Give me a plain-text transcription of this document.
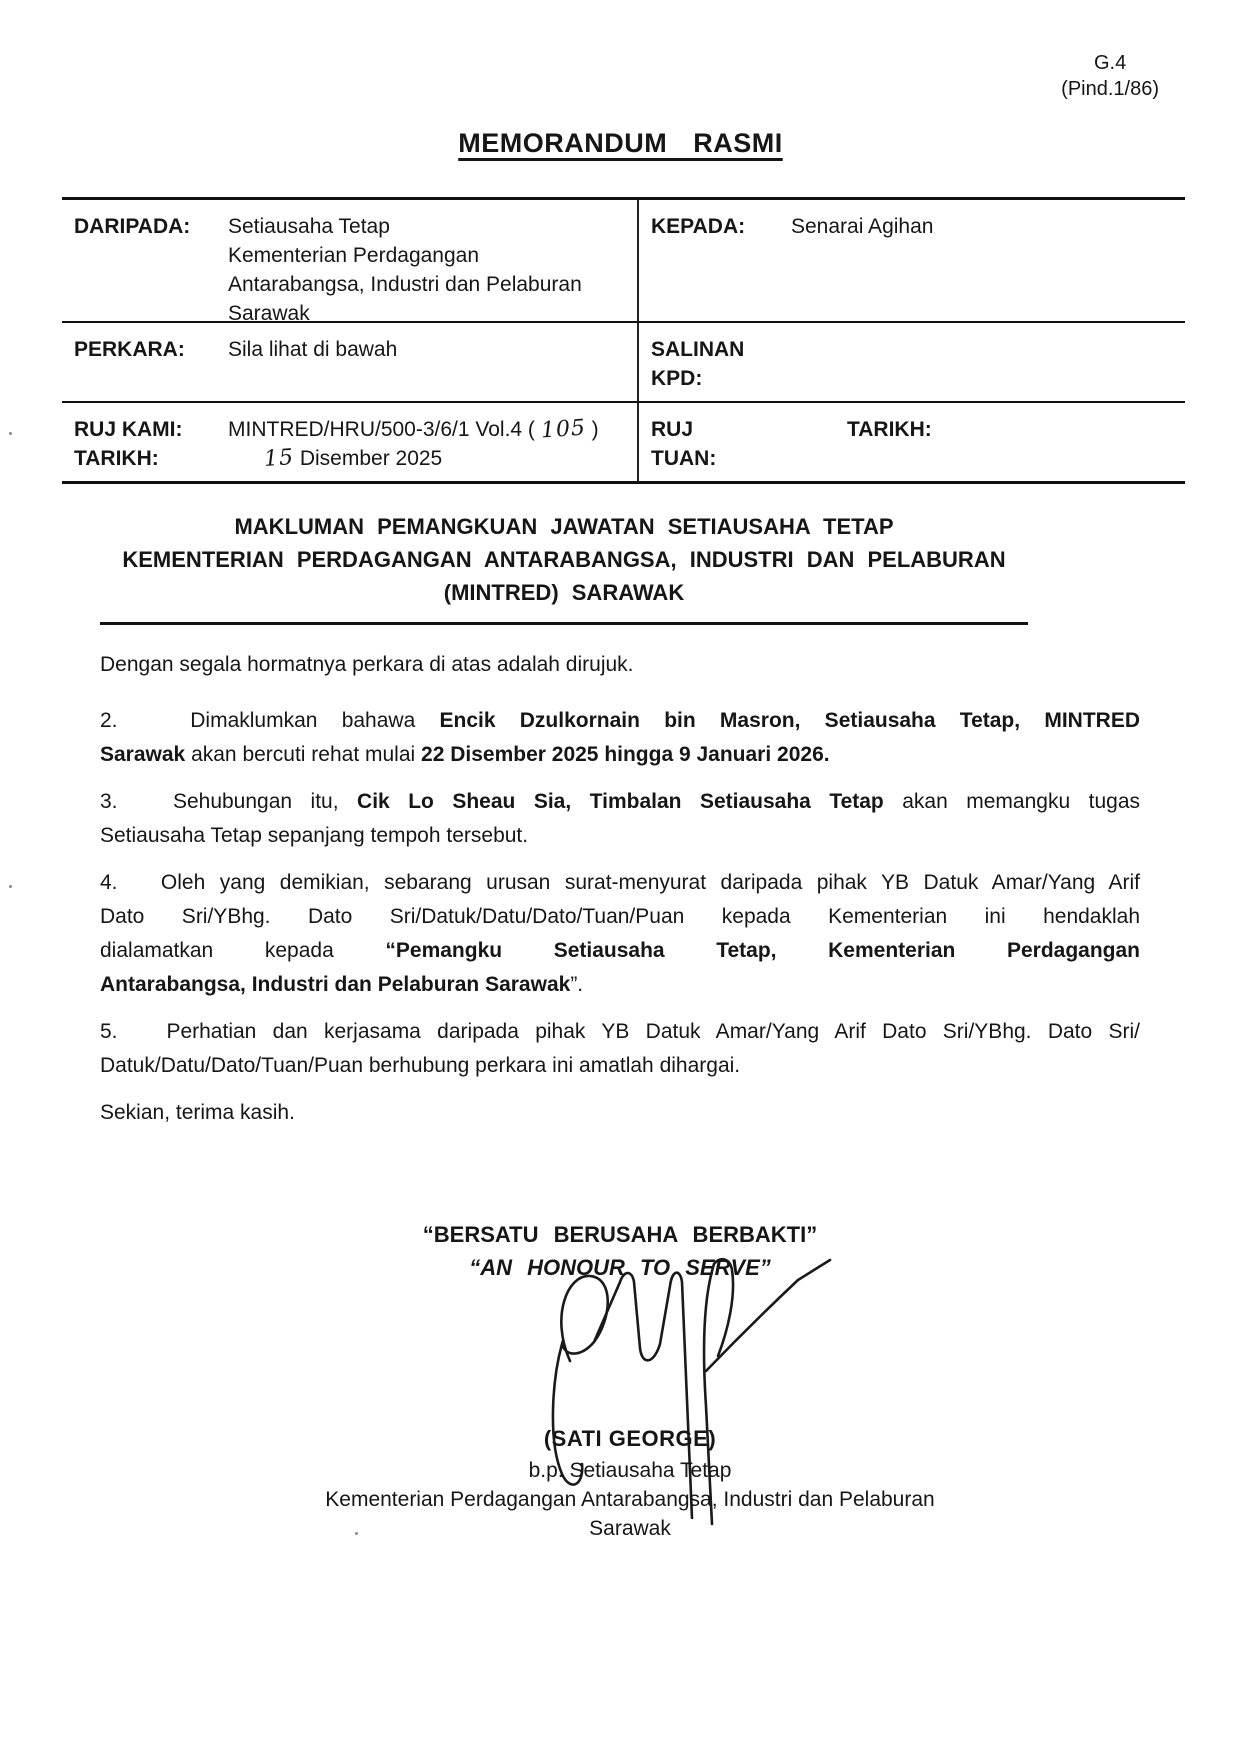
G.4
(Pind.1/86)
MEMORANDUM RASMI
DARIPADA:	Setiausaha Tetap
Kementerian Perdagangan
Antarabangsa, Industri dan Pelaburan
Sarawak
KEPADA:	Senarai Agihan
PERKARA:	Sila lihat di bawah	SALINAN
KPD:
RUJ KAMI:	MINTRED/HRU/500-3/6/1 Vol.4 ( 105 )
TARIKH:	15 Disember 2025
RUJ
TUAN:
TARIKH:
MAKLUMAN PEMANGKUAN JAWATAN SETIAUSAHA TETAP
KEMENTERIAN PERDAGANGAN ANTARABANGSA, INDUSTRI DAN PELABURAN
(MINTRED) SARAWAK
Dengan segala hormatnya perkara di atas adalah dirujuk.
2.   Dimaklumkan bahawa Encik Dzulkornain bin Masron, Setiausaha Tetap, MINTRED
Sarawak akan bercuti rehat mulai 22 Disember 2025 hingga 9 Januari 2026.
3.   Sehubungan itu, Cik Lo Sheau Sia, Timbalan Setiausaha Tetap akan memangku tugas
Setiausaha Tetap sepanjang tempoh tersebut.
4.   Oleh yang demikian, sebarang urusan surat-menyurat daripada pihak YB Datuk Amar/Yang Arif
Dato Sri/YBhg. Dato Sri/Datuk/Datu/Dato/Tuan/Puan kepada Kementerian ini hendaklah
dialamatkan kepada “Pemangku Setiausaha Tetap, Kementerian Perdagangan
Antarabangsa, Industri dan Pelaburan Sarawak”.
5.   Perhatian dan kerjasama daripada pihak YB Datuk Amar/Yang Arif Dato Sri/YBhg. Dato Sri/
Datuk/Datu/Dato/Tuan/Puan berhubung perkara ini amatlah dihargai.
Sekian, terima kasih.
“BERSATU BERUSAHA BERBAKTI”
“AN HONOUR TO SERVE”
(SATI GEORGE)
b.p. Setiausaha Tetap
Kementerian Perdagangan Antarabangsa, Industri dan Pelaburan
Sarawak
